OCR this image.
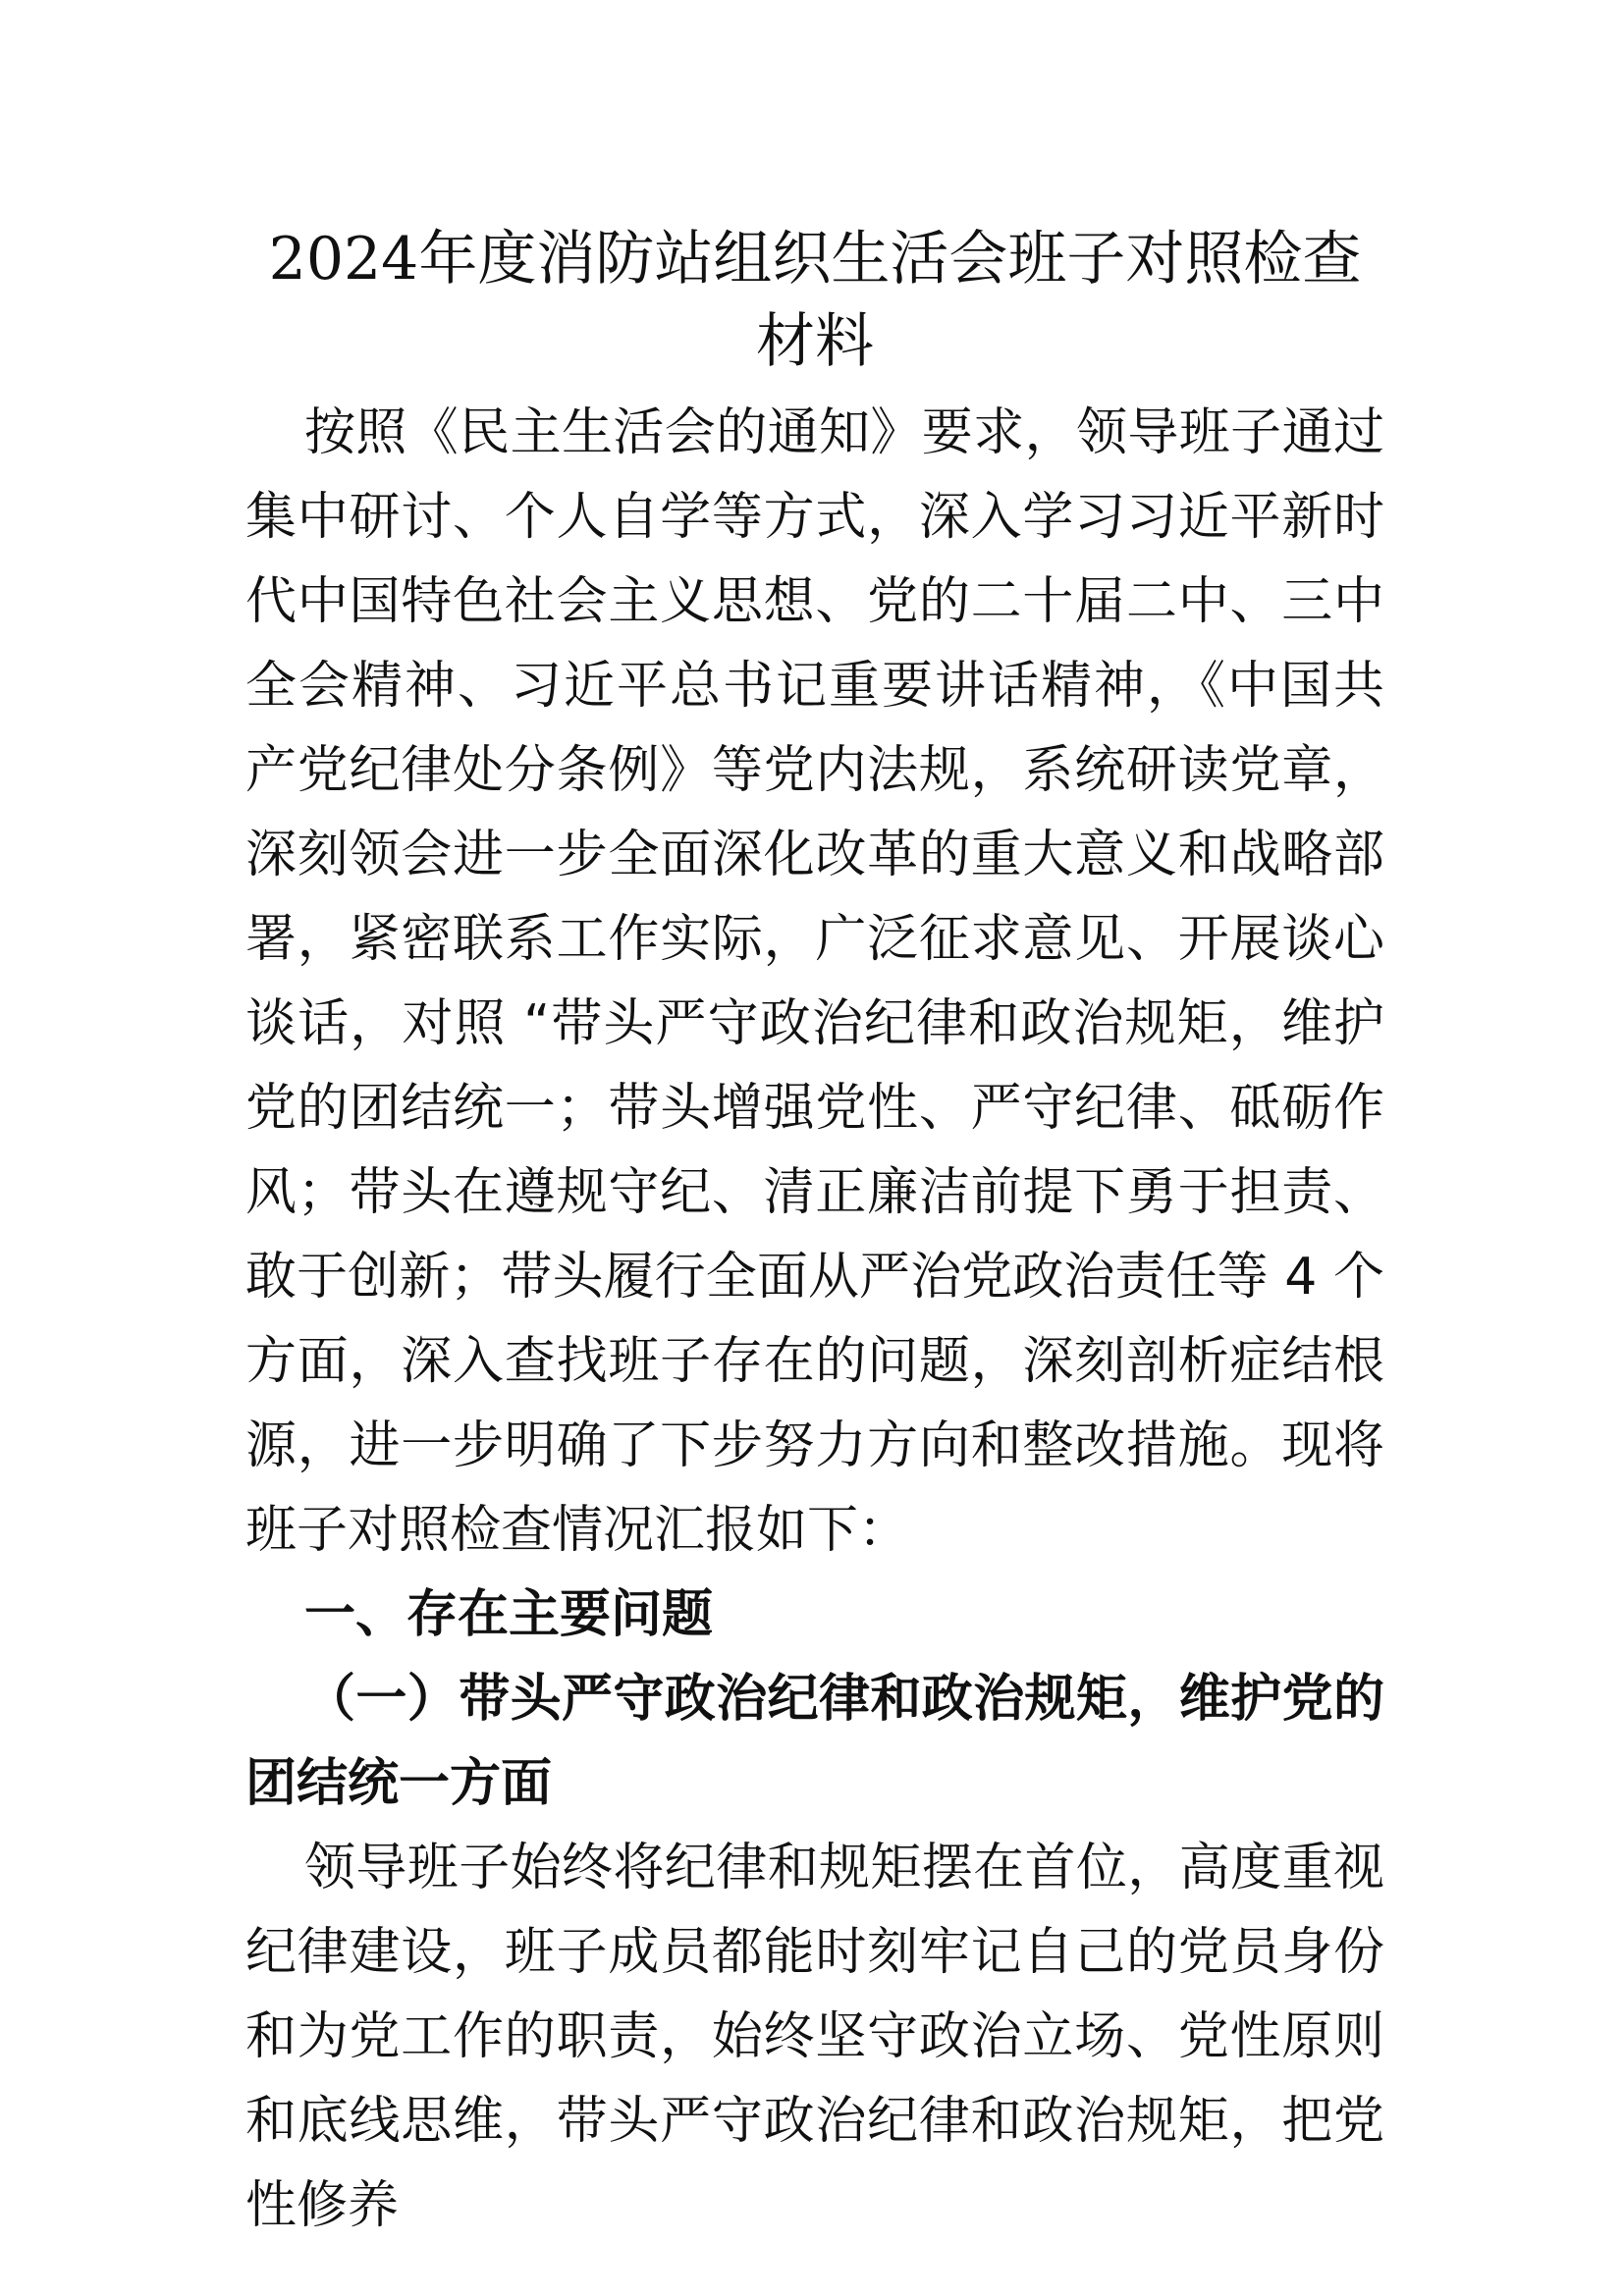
2024年度消防站组织生活会班子对照检查材料

按照《民主生活会的通知》要求，领导班子通过集中研讨、个人自学等方式，深入学习习近平新时代中国特色社会主义思想、党的二十届二中、三中全会精神、习近平总书记重要讲话精神，《中国共产党纪律处分条例》等党内法规，系统研读党章，深刻领会进一步全面深化改革的重大意义和战略部署，紧密联系工作实际，广泛征求意见、开展谈心谈话，对照 “带头严守政治纪律和政治规矩，维护党的团结统一；带头增强党性、严守纪律、砥砺作风；带头在遵规守纪、清正廉洁前提下勇于担责、敢于创新；带头履行全面从严治党政治责任等 4 个方面，深入查找班子存在的问题，深刻剖析症结根源，进一步明确了下步努力方向和整改措施。现将班子对照检查情况汇报如下：

一、存在主要问题

（一）带头严守政治纪律和政治规矩，维护党的团结统一方面

领导班子始终将纪律和规矩摆在首位，高度重视纪律建设，班子成员都能时刻牢记自己的党员身份和为党工作的职责，始终坚守政治立场、党性原则和底线思维，带头严守政治纪律和政治规矩，把党性修养
